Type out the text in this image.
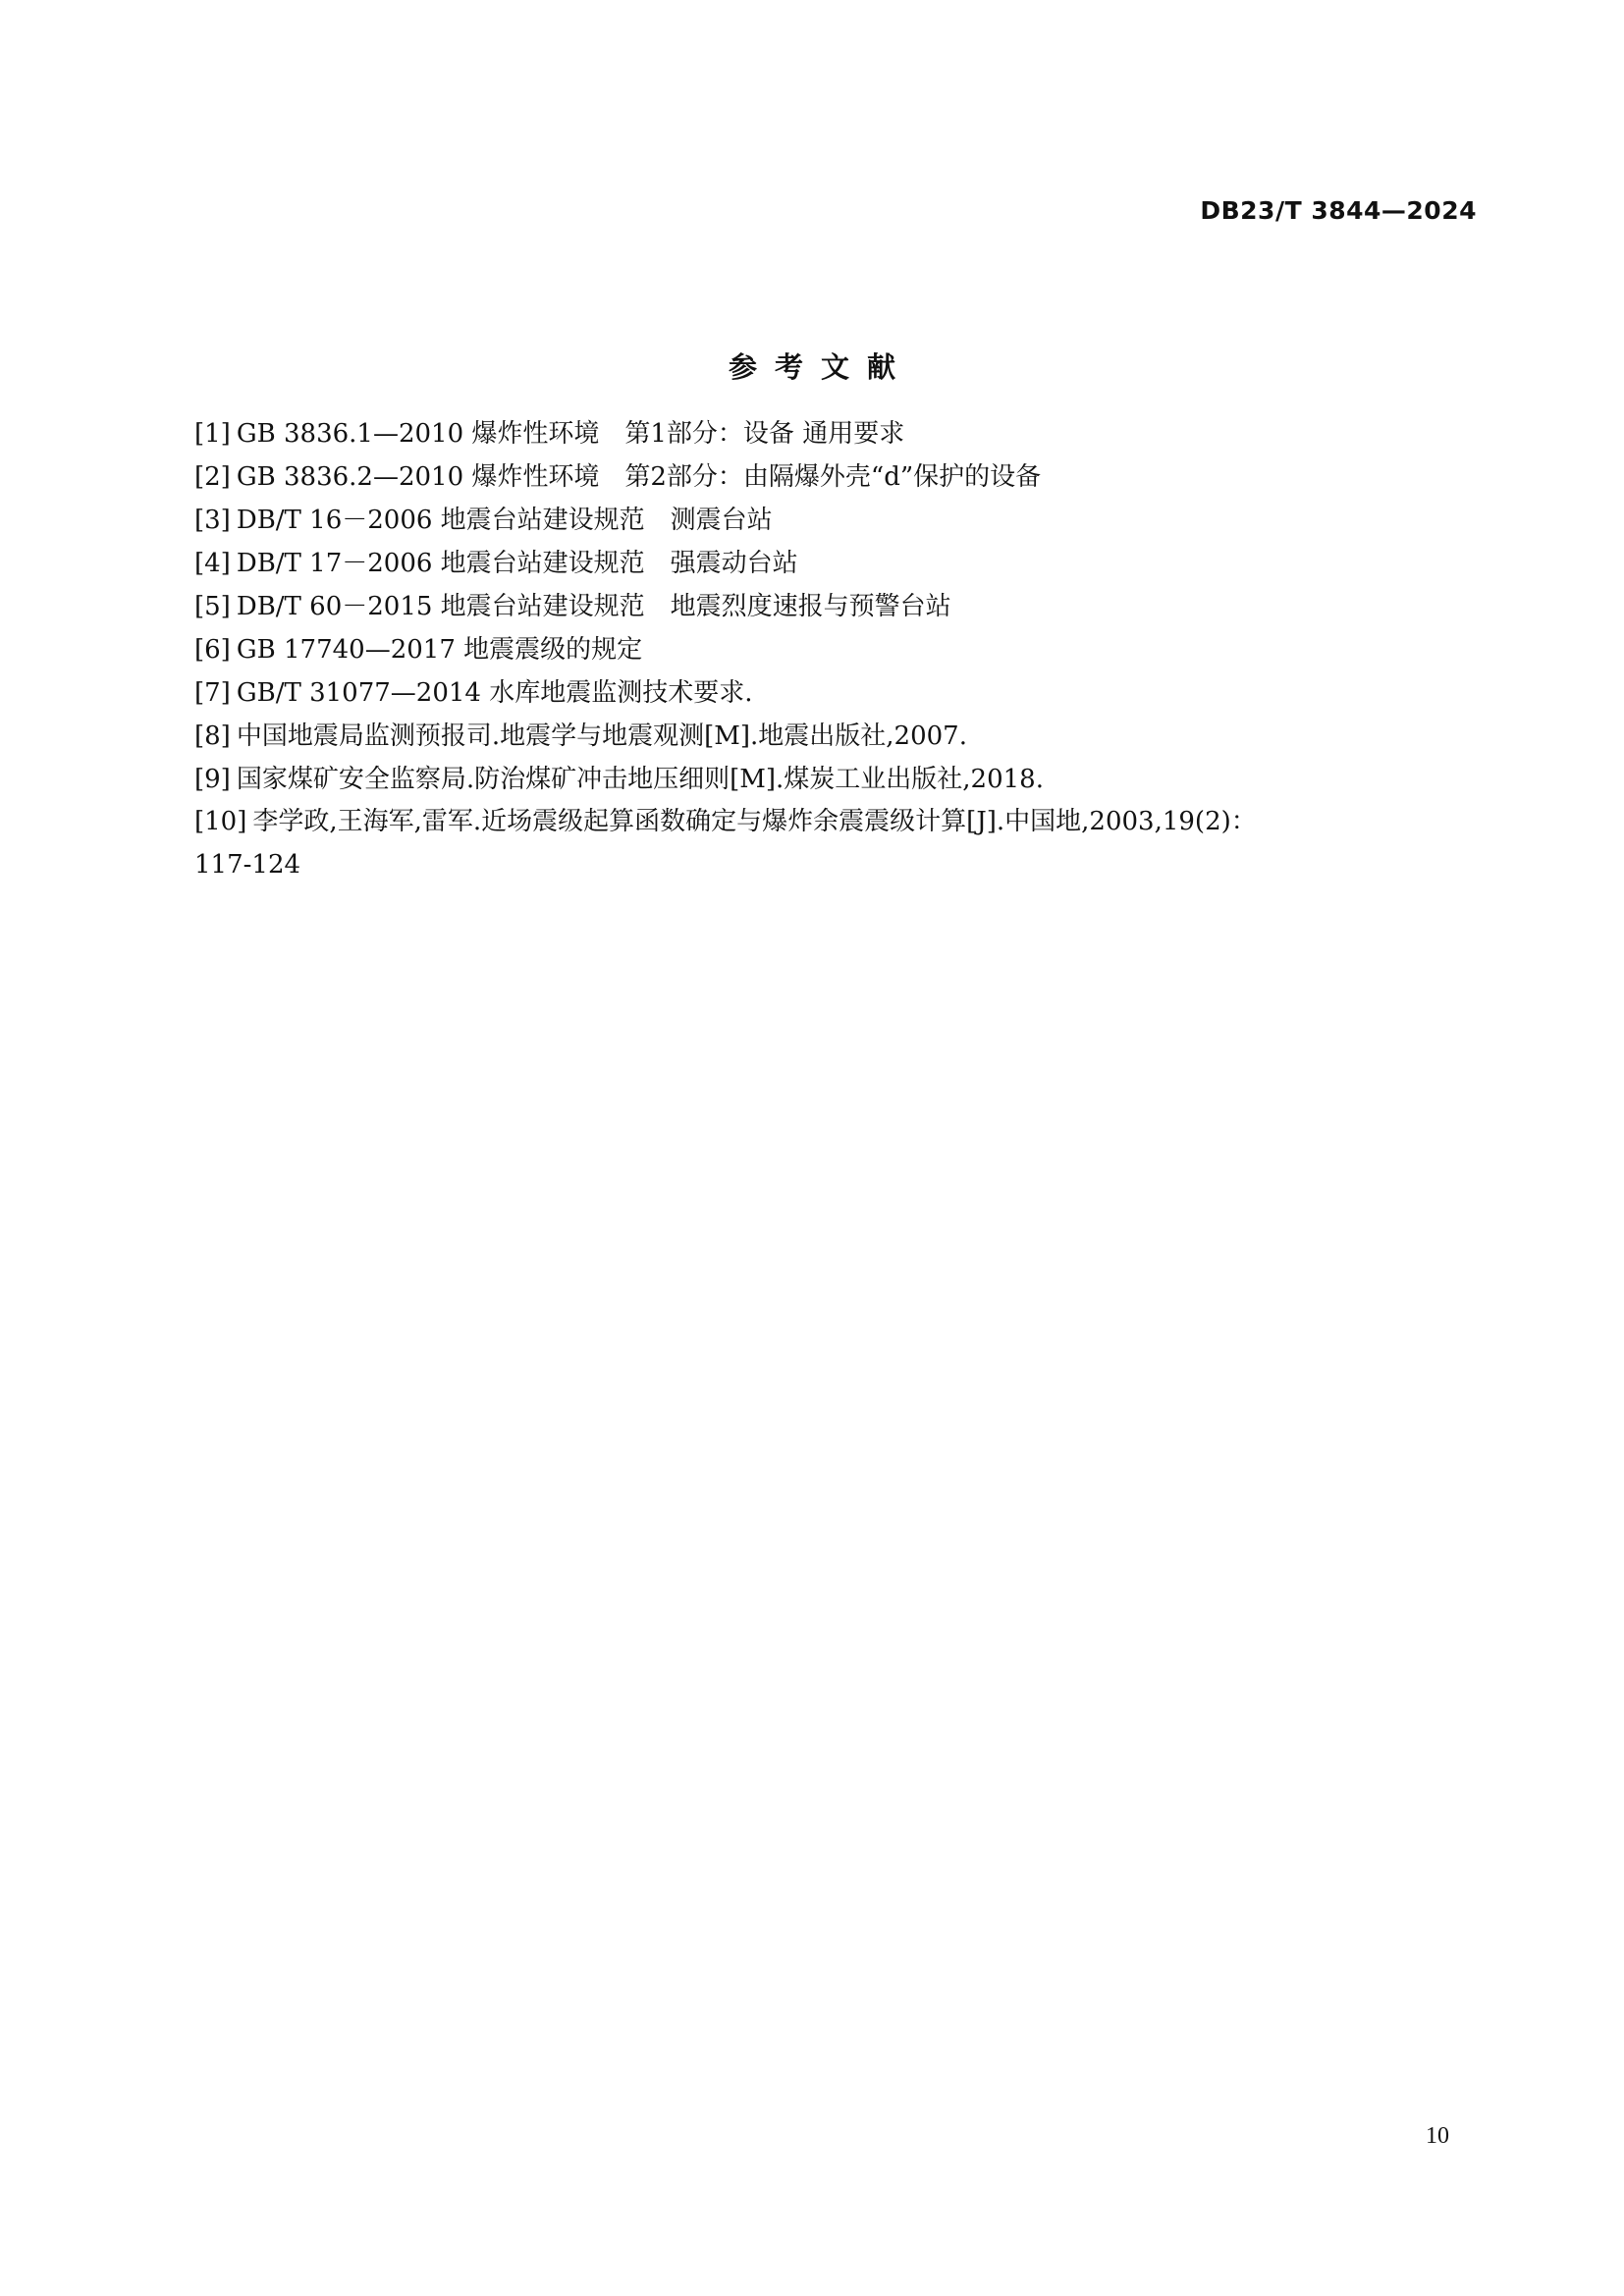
DB23/T 3844—2024
参考文献
[1] GB 3836.1—2010 爆炸性环境　第1部分：设备 通用要求
[2] GB 3836.2—2010 爆炸性环境　第2部分：由隔爆外壳“d”保护的设备
[3] DB/T 16－2006 地震台站建设规范　测震台站
[4] DB/T 17－2006 地震台站建设规范　强震动台站
[5] DB/T 60－2015 地震台站建设规范　地震烈度速报与预警台站
[6] GB 17740—2017 地震震级的规定
[7] GB/T 31077—2014 水库地震监测技术要求.
[8] 中国地震局监测预报司.地震学与地震观测[M].地震出版社,2007.
[9] 国家煤矿安全监察局.防治煤矿冲击地压细则[M].煤炭工业出版社,2018.
[10] 李学政,王海军,雷军.近场震级起算函数确定与爆炸余震震级计算[J].中国地,2003,19(2)：
117-124
10
